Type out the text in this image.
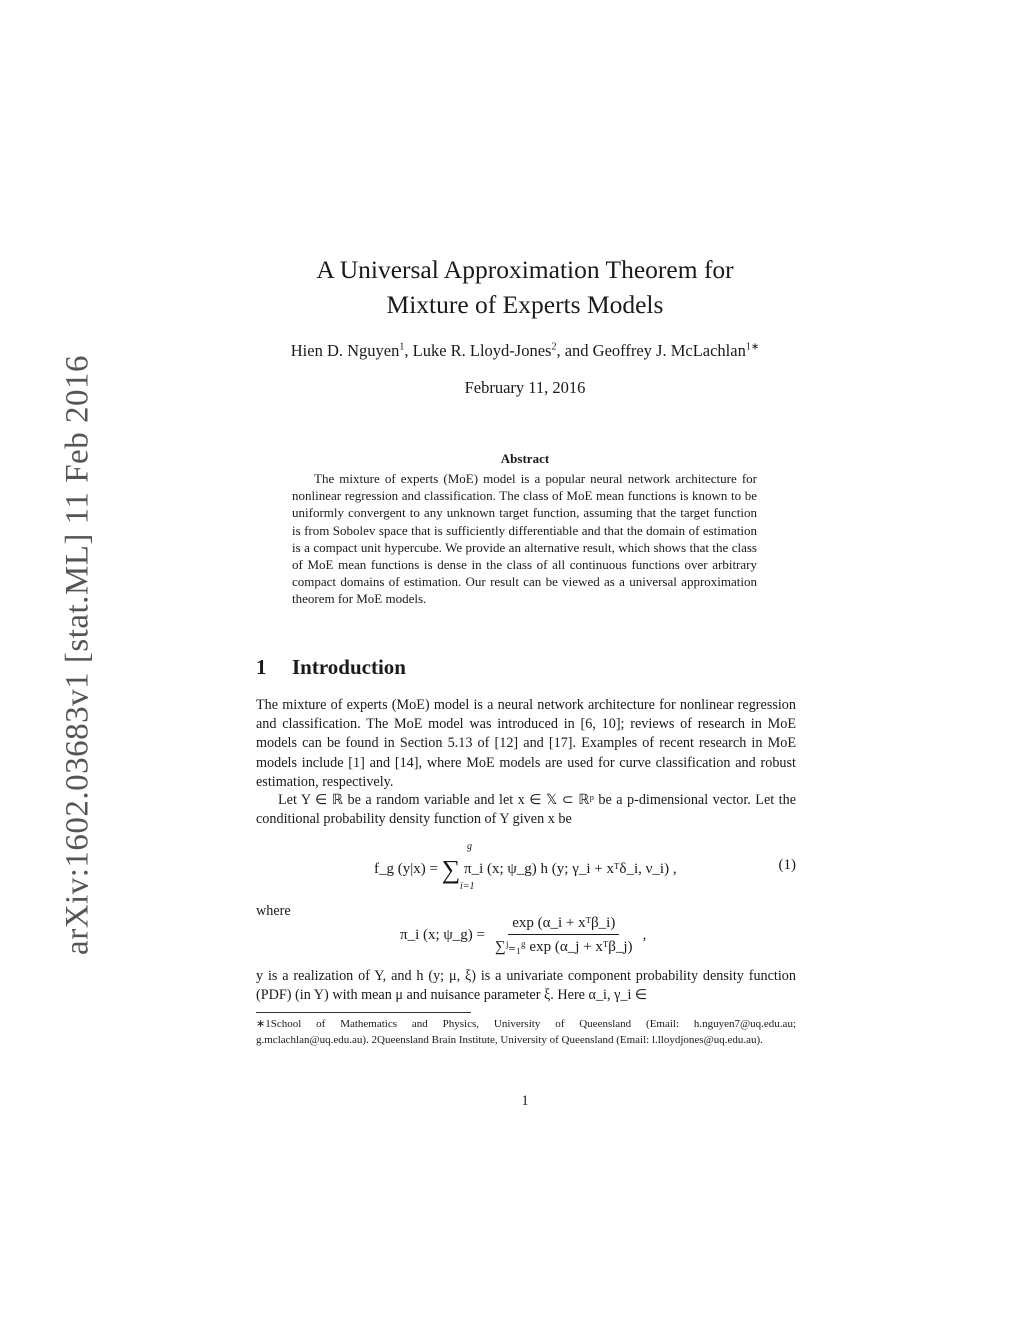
arXiv:1602.03683v1 [stat.ML] 11 Feb 2016
A Universal Approximation Theorem for
Mixture of Experts Models
Hien D. Nguyen$^1$, Luke R. Lloyd-Jones$^2$, and Geoffrey J. McLachlan$^{1∗}$
February 11, 2016
Abstract
The mixture of experts (MoE) model is a popular neural network architecture for nonlinear regression and classification. The class of MoE mean functions is known to be uniformly convergent to any unknown target function, assuming that the target function is from Sobolev space that is sufficiently differentiable and that the domain of estimation is a compact unit hypercube. We provide an alternative result, which shows that the class of MoE mean functions is dense in the class of all continuous functions over arbitrary compact domains of estimation. Our result can be viewed as a universal approximation theorem for MoE models.
1 Introduction
The mixture of experts (MoE) model is a neural network architecture for nonlinear regression and classification. The MoE model was introduced in [6, 10]; reviews of research in MoE models can be found in Section 5.13 of [12] and [17]. Examples of recent research in MoE models include [1] and [14], where MoE models are used for curve classification and robust estimation, respectively.
Let Y ∈ ℝ be a random variable and let x ∈ 𝕏 ⊂ ℝᵖ be a p-dimensional vector. Let the conditional probability density function of Y given x be
f_g (y|x) = ∑ π_i (x; ψ_g) h (y; γ_i + xᵀδ_i, ν_i) ,
g
i=1
(1)
where
π_i (x; ψ_g) = $\frac{\text{exp (α\_i + xᵀβ\_i)}}{\text{∑ʲ₌₁ᵍ exp (α\_j + xᵀβ\_j)}}$ ,
y is a realization of Y, and h (y; μ, ξ) is a univariate component probability density function (PDF) (in Y) with mean μ and nuisance parameter ξ. Here α_i, γ_i ∈
∗1School of Mathematics and Physics, University of Queensland (Email: h.nguyen7@uq.edu.au; g.mclachlan@uq.edu.au). 2Queensland Brain Institute, University of Queensland (Email: l.lloydjones@uq.edu.au).
1
